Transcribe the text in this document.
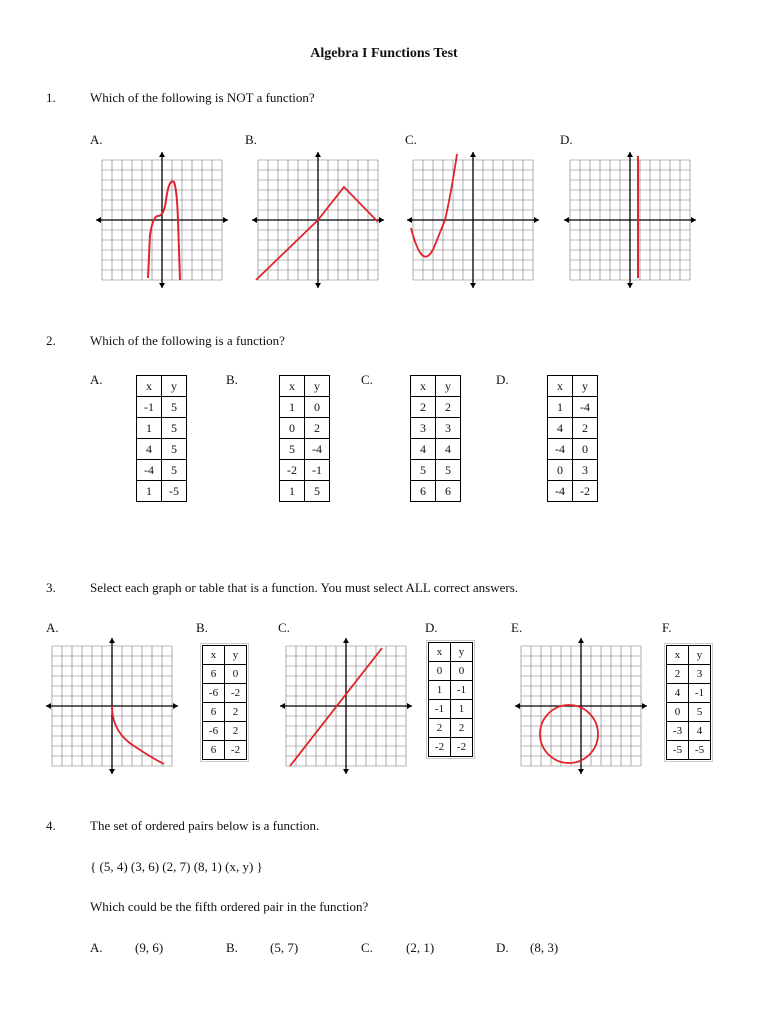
Algebra I Functions Test
1.	Which of the following is NOT a function?
A.	B.	C.	D.
2.	Which of the following is a function?
A.	B.	C.	D.
x	y
-1	5
1	5
4	5
-4	5
1	-5
x	y
1	0
0	2
5	-4
-2	-1
1	5
x	y
2	2
3	3
4	4
5	5
6	6
x	y
1	-4
4	2
-4	0
0	3
-4	-2
3.	Select each graph or table that is a function. You must select ALL correct answers.
A.	B.	C.	D.	E.	F.
x	y
6	0
-6	-2
6	2
-6	2
6	-2
x	y
0	0
1	-1
-1	1
2	2
-2	-2
x	y
2	3
4	-1
0	5
-3	4
-5	-5
4.	The set of ordered pairs below is a function.
{ (5, 4) (3, 6) (2, 7) (8, 1) (x, y) }
Which could be the fifth ordered pair in the function?
A. (9, 6)	B. (5, 7)	C.	(2, 1)	D. (8, 3)
